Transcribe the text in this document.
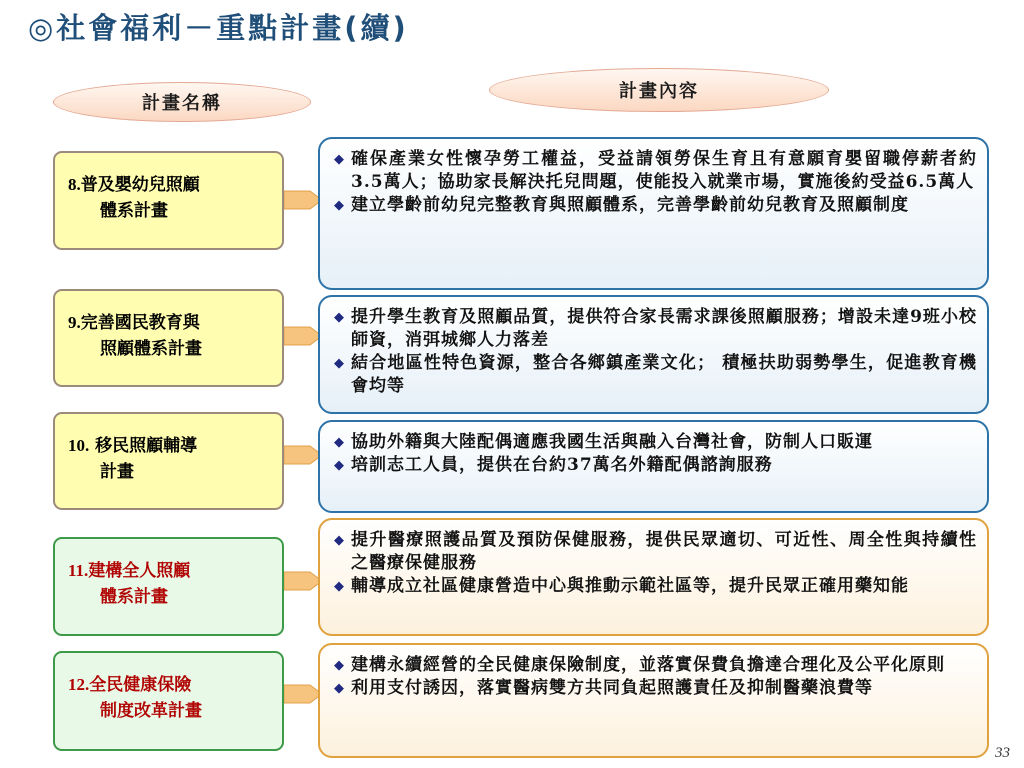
◎社會福利－重點計畫(續)
計畫名稱
計畫內容
8.普及嬰幼兒照顧
體系計畫
◆ 確保產業女性懷孕勞工權益，受益請領勞保生育且有意願育嬰留職停薪者約3.5萬人；協助家長解決托兒問題，使能投入就業市場，實施後約受益6.5萬人
◆ 建立學齡前幼兒完整教育與照顧體系，完善學齡前幼兒教育及照顧制度
9.完善國民教育與
照顧體系計畫
◆ 提升學生教育及照顧品質，提供符合家長需求課後照顧服務；增設未達9班小校師資，消弭城鄉人力落差
◆ 結合地區性特色資源，整合各鄉鎮產業文化； 積極扶助弱勢學生，促進教育機會均等
10. 移民照顧輔導
計畫
◆ 協助外籍與大陸配偶適應我國生活與融入台灣社會，防制人口販運
◆ 培訓志工人員，提供在台約37萬名外籍配偶諮詢服務
11.建構全人照顧
體系計畫
◆ 提升醫療照護品質及預防保健服務，提供民眾適切、可近性、周全性與持續性之醫療保健服務
◆ 輔導成立社區健康營造中心與推動示範社區等，提升民眾正確用藥知能
12.全民健康保險
制度改革計畫
◆ 建構永續經營的全民健康保險制度，並落實保費負擔達合理化及公平化原則
◆ 利用支付誘因，落實醫病雙方共同負起照護責任及抑制醫藥浪費等
33
